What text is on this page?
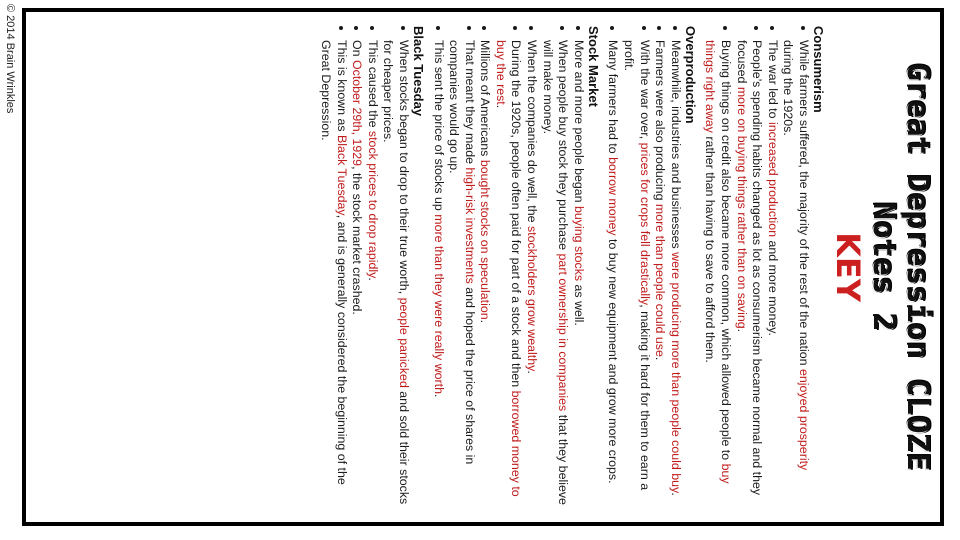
© 2014 Brain Wrinkles
Great Depression CLOZE Notes 2
KEY
Consumerism
• While farmers suffered, the majority of the rest of the nation enjoyed prosperity during the 1920s.
• The war led to increased production and more money.
• People’s spending habits changed as lot as consumerism became normal and they focused more on buying things rather than on saving.
• Buying things on credit also became more common, which allowed people to buy things right away rather than having to save to afford them.
Overproduction
• Meanwhile, industries and businesses were producing more than people could buy.
• Farmers were also producing more than people could use.
• With the war over, prices for crops fell drastically, making it hard for them to earn a profit.
• Many farmers had to borrow money to buy new equipment and grow more crops.
Stock Market
• More and more people began buying stocks as well.
• When people buy stock they purchase part ownership in companies that they believe will make money.
• When the companies do well, the stockholders grow wealthy.
• During the 1920s, people often paid for part of a stock and then borrowed money to buy the rest.
• Millions of Americans bought stocks on speculation.
• That meant they made high-risk investments and hoped the price of shares in companies would go up.
• This sent the price of stocks up more than they were really worth.
Black Tuesday
• When stocks began to drop to their true worth, people panicked and sold their stocks for cheaper prices.
• This caused the stock prices to drop rapidly.
• On October 29th, 1929, the stock market crashed.
• This is known as Black Tuesday, and is generally considered the beginning of the Great Depression.
